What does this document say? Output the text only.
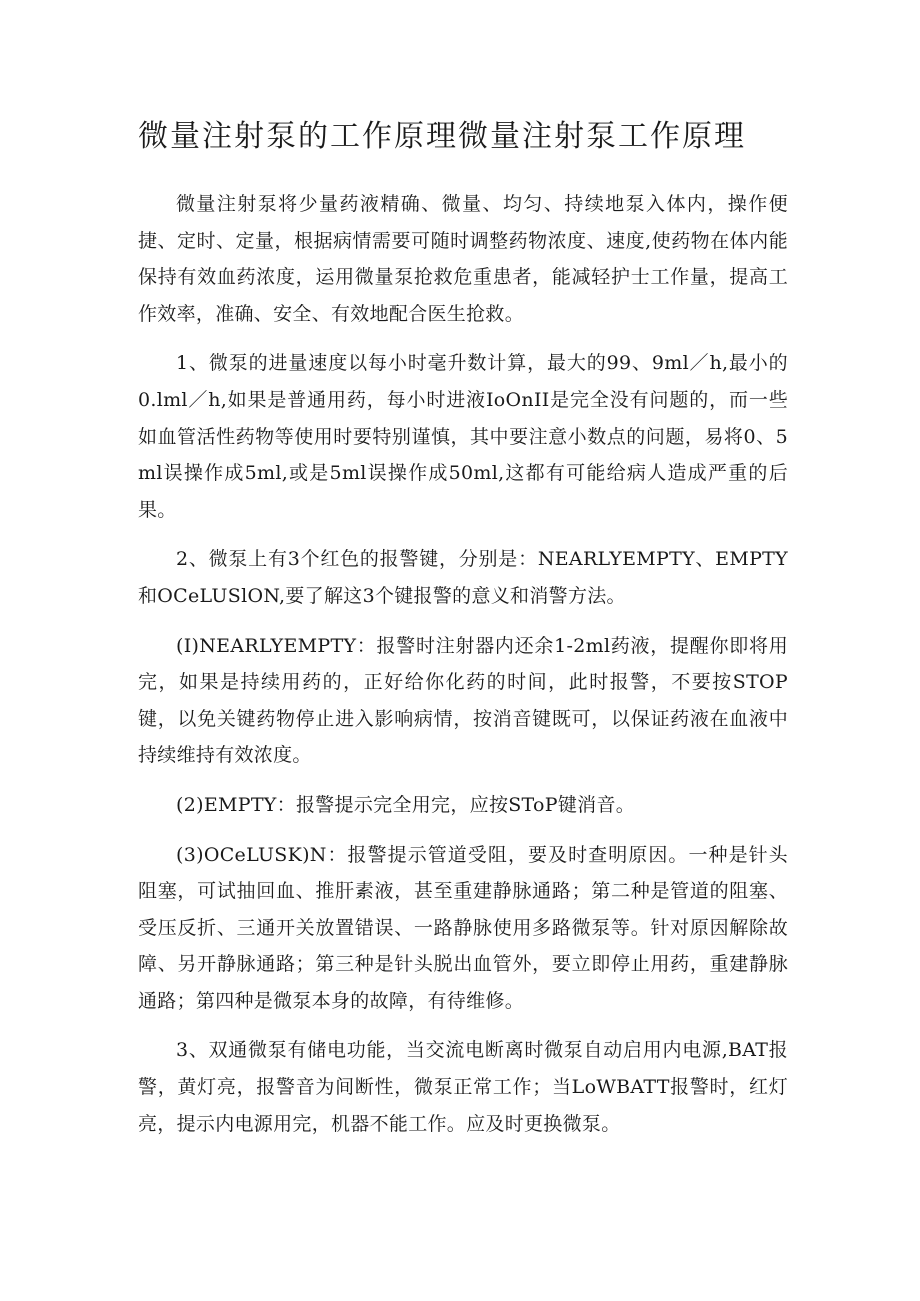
微量注射泵的工作原理微量注射泵工作原理

微量注射泵将少量药液精确、微量、均匀、持续地泵入体内，操作便捷、定时、定量，根据病情需要可随时调整药物浓度、速度,使药物在体内能保持有效血药浓度，运用微量泵抢救危重患者，能减轻护士工作量，提高工作效率，准确、安全、有效地配合医生抢救。

1、微泵的进量速度以每小时毫升数计算，最大的99、9ml／h,最小的0.lml／h,如果是普通用药，每小时进液IoOnII是完全没有问题的，而一些如血管活性药物等使用时要特别谨慎，其中要注意小数点的问题，易将0、5ml误操作成5ml,或是5ml误操作成50ml,这都有可能给病人造成严重的后果。

2、微泵上有3个红色的报警键，分别是：NEARLYEMPTY、EMPTY和OCeLUSlON,要了解这3个键报警的意义和消警方法。

(I)NEARLYEMPTY：报警时注射器内还余1-2ml药液，提醒你即将用完，如果是持续用药的，正好给你化药的时间，此时报警，不要按STOP键，以免关键药物停止进入影响病情，按消音键既可，以保证药液在血液中持续维持有效浓度。

(2)EMPTY：报警提示完全用完，应按SToP键消音。

(3)OCeLUSK)N：报警提示管道受阻，要及时查明原因。一种是针头阻塞，可试抽回血、推肝素液，甚至重建静脉通路；第二种是管道的阻塞、受压反折、三通开关放置错误、一路静脉使用多路微泵等。针对原因解除故障、另开静脉通路；第三种是针头脱出血管外，要立即停止用药，重建静脉通路；第四种是微泵本身的故障，有待维修。

3、双通微泵有储电功能，当交流电断离时微泵自动启用内电源,BAT报警，黄灯亮，报警音为间断性，微泵正常工作；当LoWBATT报警时，红灯亮，提示内电源用完，机器不能工作。应及时更换微泵。
